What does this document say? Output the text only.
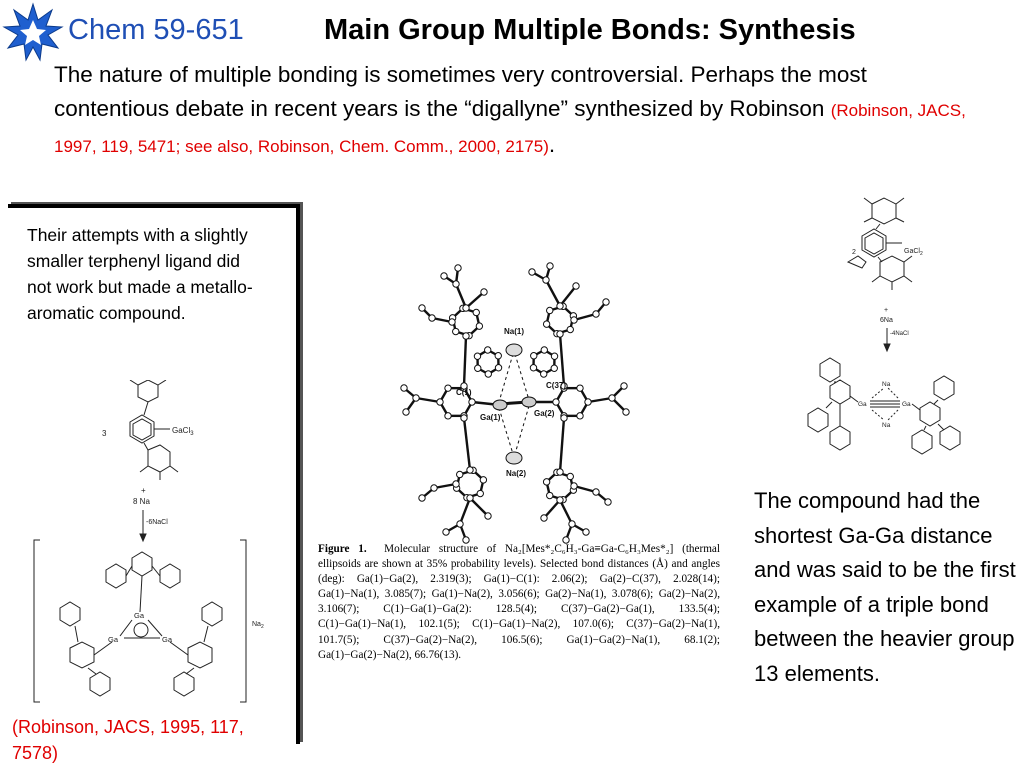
Chem 59-651	Main Group Multiple Bonds: Synthesis
The nature of multiple bonding is sometimes very controversial. Perhaps the most contentious debate in recent years is the “digallyne” synthesized by Robinson (Robinson, JACS, 1997, 119, 5471; see also, Robinson, Chem. Comm., 2000, 2175).
Their attempts with a slightly smaller terphenyl ligand did not work but made a metallo-aromatic compound.
3	GaCl$_3$
+
8 Na
-6NaCl
$Na_2$
Ga
Ga	Ga
(Robinson, JACS, 1995, 117, 7578)
Na(1)
C(1)
Ga(1)	Ga(2)
C(37)
Na(2)
Figure 1. Molecular structure of Na₂[Mes*₂C₆H₃-Ga≡Ga-C₆H₃Mes*₂] (thermal ellipsoids are shown at 35% probability levels). Selected bond distances (Å) and angles (deg): Ga(1)−Ga(2), 2.319(3); Ga(1)−C(1): 2.06(2); Ga(2)−C(37), 2.028(14); Ga(1)−Na(1), 3.085(7); Ga(1)−Na(2), 3.056(6); Ga(2)−Na(1), 3.078(6); Ga(2)−Na(2), 3.106(7); C(1)−Ga(1)−Ga(2): 128.5(4); C(37)−Ga(2)−Ga(1), 133.5(4); C(1)−Ga(1)−Na(1), 102.1(5); C(1)−Ga(1)−Na(2), 107.0(6); C(37)−Ga(2)−Na(1), 101.7(5); C(37)−Ga(2)−Na(2), 106.5(6); Ga(1)−Ga(2)−Na(1), 68.1(2); Ga(1)−Ga(2)−Na(2), 66.76(13).
2	GaCl$_2$
+
6Na
-4NaCl
Na
Na
Ga	Ga
The compound had the shortest Ga-Ga distance and was said to be the first example of a triple bond between the heavier group 13 elements.
